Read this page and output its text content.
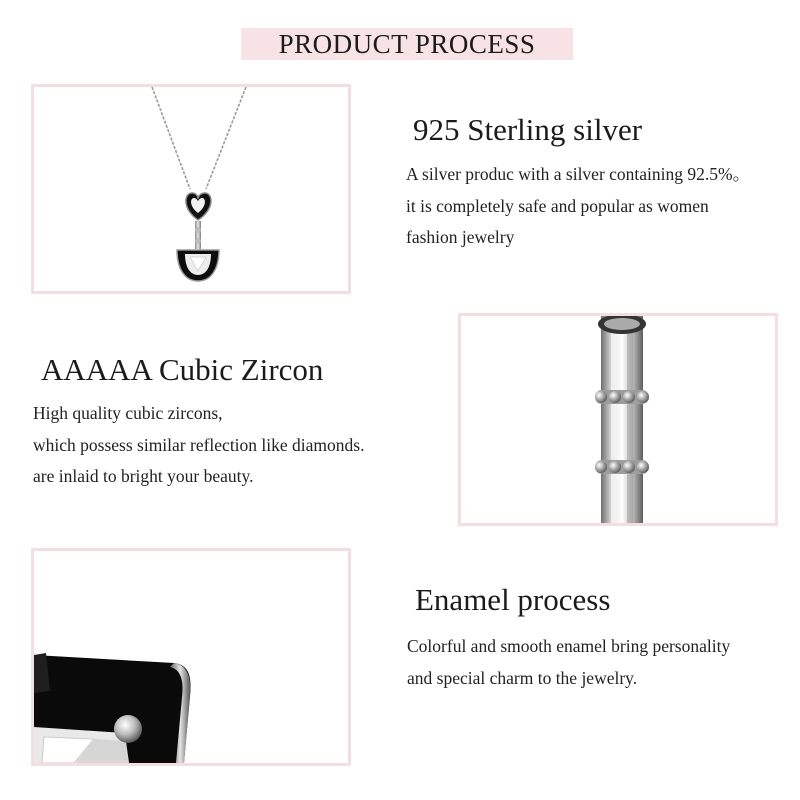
PRODUCT PROCESS
925 Sterling silver
A silver produc with a silver containing 92.5%。
it is completely safe and popular as women
fashion jewelry
AAAAA Cubic Zircon
High quality cubic zircons,
which possess similar reflection like diamonds.
are inlaid to bright your beauty.
Enamel process
Colorful and smooth enamel bring personality
and special charm to the jewelry.
